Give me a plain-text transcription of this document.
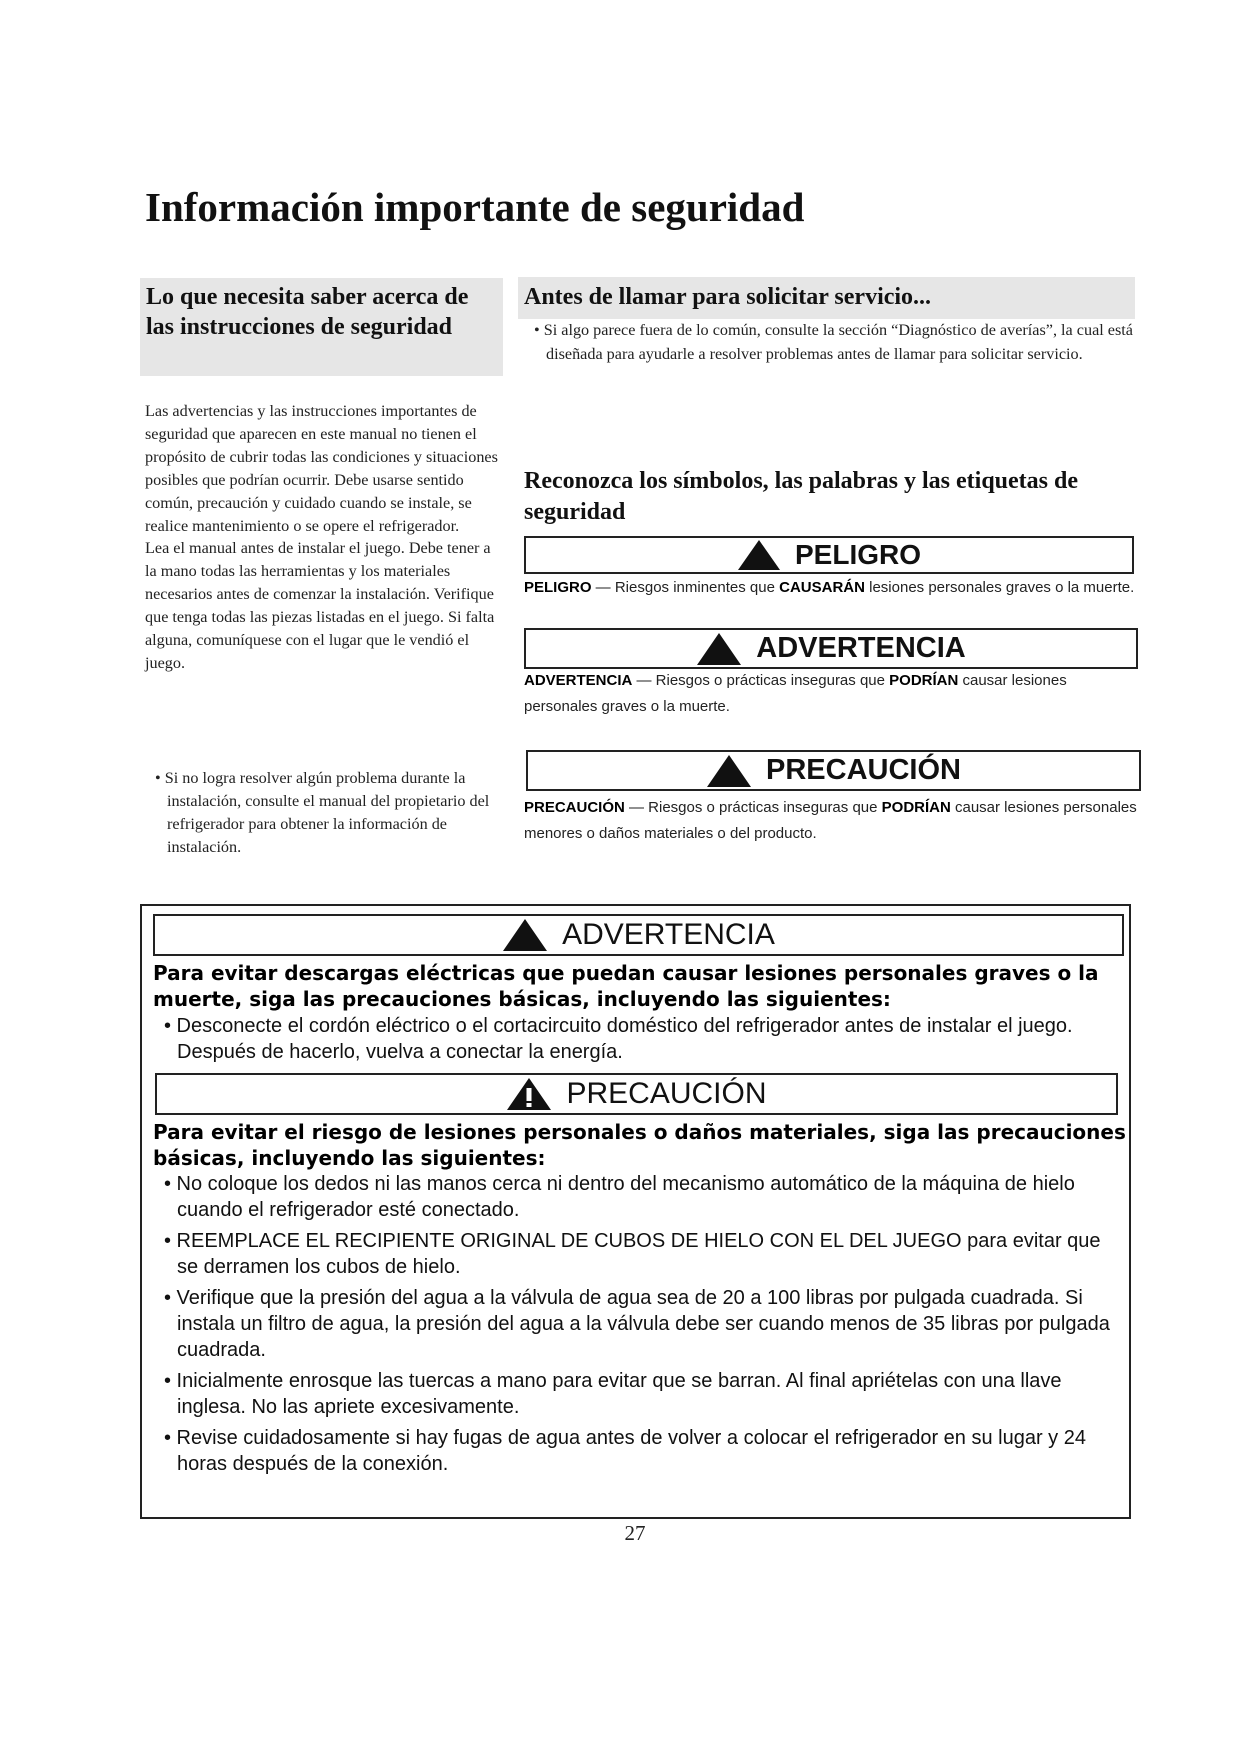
Información importante de seguridad
Lo que necesita saber acerca de las instrucciones de seguridad

Las advertencias y las instrucciones importantes de seguridad que aparecen en este manual no tienen el propósito de cubrir todas las condiciones y situaciones posibles que podrían ocurrir. Debe usarse sentido común, precaución y cuidado cuando se instale, se realice mantenimiento o se opere el refrigerador.

Lea el manual antes de instalar el juego. Debe tener a la mano todas las herramientas y los materiales necesarios antes de comenzar la instalación. Verifique que tenga todas las piezas listadas en el juego. Si falta alguna, comuníquese con el lugar que le vendió el juego.

• Si no logra resolver algún problema durante la instalación, consulte el manual del propietario del refrigerador para obtener la información de instalación.
Antes de llamar para solicitar servicio...
• Si algo parece fuera de lo común, consulte la sección “Diagnóstico de averías”, la cual está diseñada para ayudarle a resolver problemas antes de llamar para solicitar servicio.
Reconozca los símbolos, las palabras y las etiquetas de seguridad
PELIGRO
PELIGRO — Riesgos inminentes que CAUSARÁN lesiones personales graves o la muerte.
ADVERTENCIA
ADVERTENCIA — Riesgos o prácticas inseguras que PODRÍAN causar lesiones personales graves o la muerte.
PRECAUCIÓN
PRECAUCIÓN — Riesgos o prácticas inseguras que PODRÍAN causar lesiones personales menores o daños materiales o del producto.
ADVERTENCIA
Para evitar descargas eléctricas que puedan causar lesiones personales graves o la muerte, siga las precauciones básicas, incluyendo las siguientes:
• Desconecte el cordón eléctrico o el cortacircuito doméstico del refrigerador antes de instalar el juego. Después de hacerlo, vuelva a conectar la energía.
PRECAUCIÓN
Para evitar el riesgo de lesiones personales o daños materiales, siga las precauciones básicas, incluyendo las siguientes:
• No coloque los dedos ni las manos cerca ni dentro del mecanismo automático de la máquina de hielo cuando el refrigerador esté conectado.
• REEMPLACE EL RECIPIENTE ORIGINAL DE CUBOS DE HIELO CON EL DEL JUEGO para evitar que se derramen los cubos de hielo.
• Verifique que la presión del agua a la válvula de agua sea de 20 a 100 libras por pulgada cuadrada. Si instala un filtro de agua, la presión del agua a la válvula debe ser cuando menos de 35 libras por pulgada cuadrada.
• Inicialmente enrosque las tuercas a mano para evitar que se barran. Al final apriételas con una llave inglesa. No las apriete excesivamente.
• Revise cuidadosamente si hay fugas de agua antes de volver a colocar el refrigerador en su lugar y 24 horas después de la conexión.
27
